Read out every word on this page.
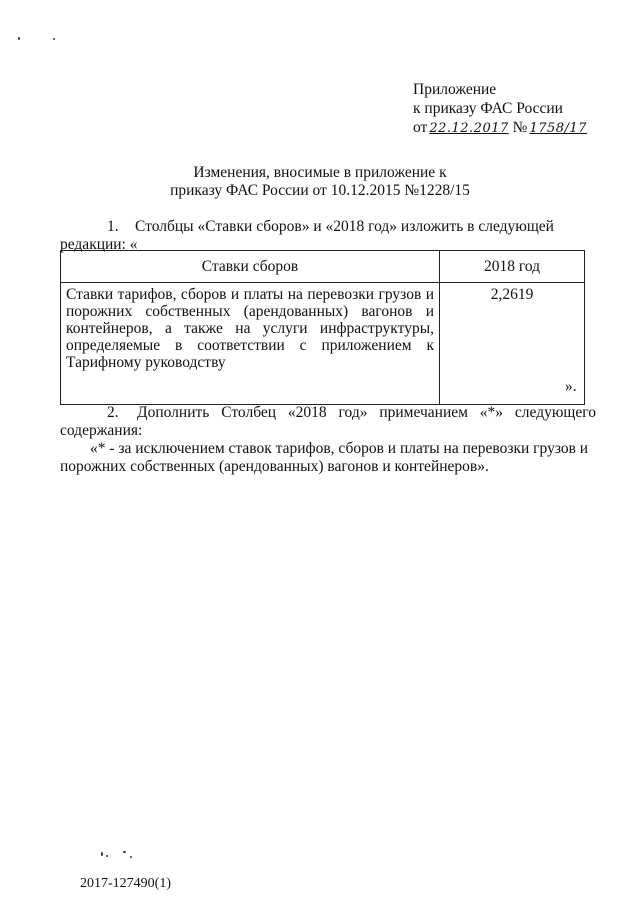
Приложение
к приказу ФАС России
от 22.12.2017 № 1758/17
Изменения, вносимые в приложение к
приказу ФАС России от 10.12.2015 №1228/15
1. Столбцы «Ставки сборов» и «2018 год» изложить в следующей
редакции: «
Ставки сборов	2018 год
Ставки тарифов, сборов и платы на перевозки грузов и порожних собственных (арендованных) вагонов и контейнеров, а также на услуги инфраструктуры, определяемые в соответствии с приложением к Тарифному руководству	2,2619
».
2. Дополнить Столбец «2018 год» примечанием «*» следующего
содержания:
«* - за исключением ставок тарифов, сборов и платы на перевозки грузов и
порожних собственных (арендованных) вагонов и контейнеров».
2017-127490(1)
